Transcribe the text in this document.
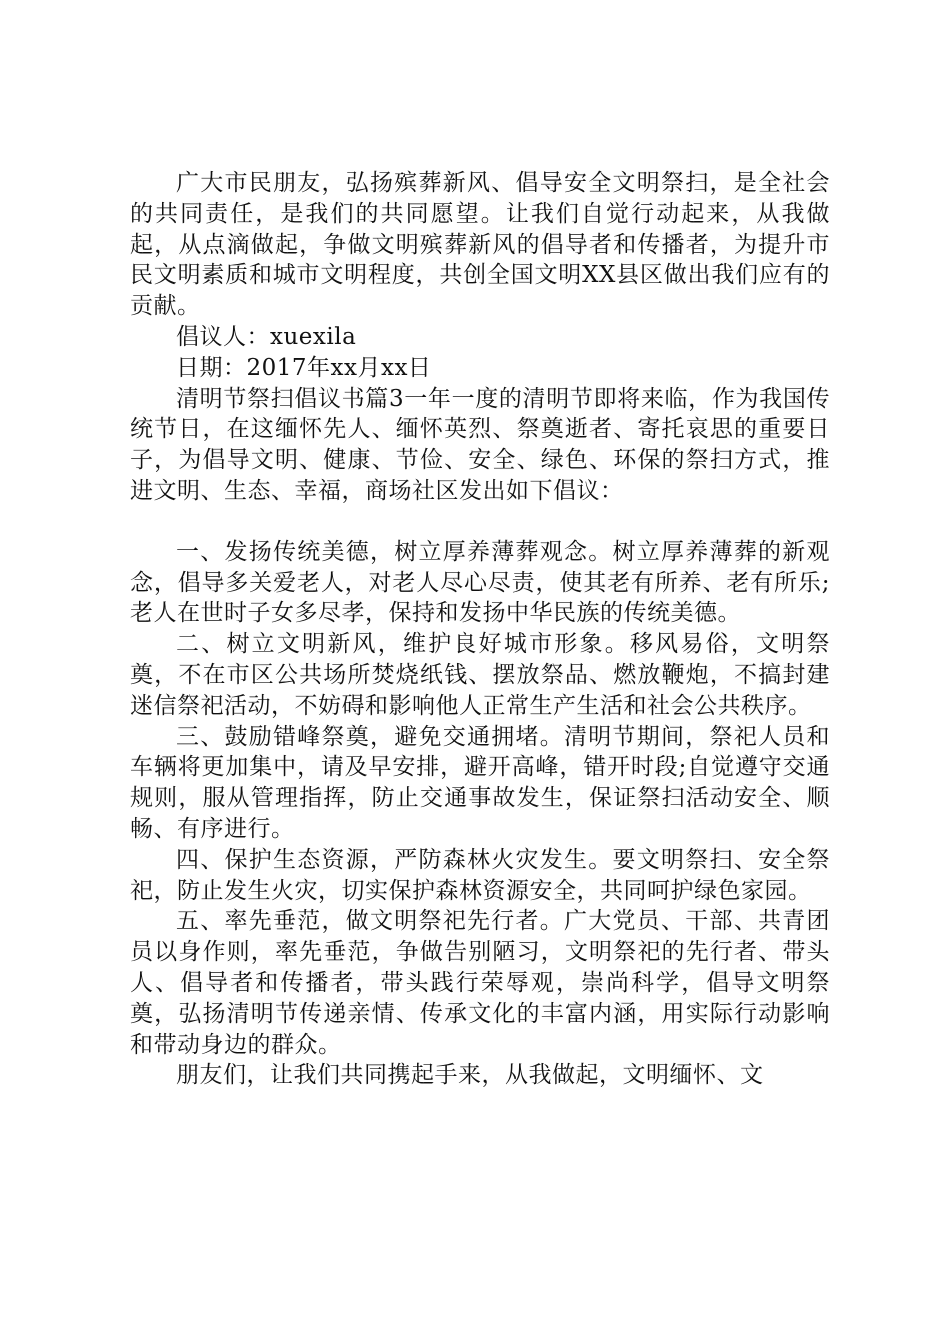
广大市民朋友，弘扬殡葬新风、倡导安全文明祭扫，是全社会的共同责任，是我们的共同愿望。让我们自觉行动起来，从我做起，从点滴做起，争做文明殡葬新风的倡导者和传播者，为提升市民文明素质和城市文明程度，共创全国文明XX县区做出我们应有的贡献。

倡议人：xuexila

日期：2017年xx月xx日

清明节祭扫倡议书篇3一年一度的清明节即将来临，作为我国传统节日，在这缅怀先人、缅怀英烈、祭奠逝者、寄托哀思的重要日子，为倡导文明、健康、节俭、安全、绿色、环保的祭扫方式，推进文明、生态、幸福，商场社区发出如下倡议：

一、发扬传统美德，树立厚养薄葬观念。树立厚养薄葬的新观念，倡导多关爱老人，对老人尽心尽责，使其老有所养、老有所乐;老人在世时子女多尽孝，保持和发扬中华民族的传统美德。

二、树立文明新风，维护良好城市形象。移风易俗，文明祭奠，不在市区公共场所焚烧纸钱、摆放祭品、燃放鞭炮，不搞封建迷信祭祀活动，不妨碍和影响他人正常生产生活和社会公共秩序。

三、鼓励错峰祭奠，避免交通拥堵。清明节期间，祭祀人员和车辆将更加集中，请及早安排，避开高峰，错开时段;自觉遵守交通规则，服从管理指挥，防止交通事故发生，保证祭扫活动安全、顺畅、有序进行。

四、保护生态资源，严防森林火灾发生。要文明祭扫、安全祭祀，防止发生火灾，切实保护森林资源安全，共同呵护绿色家园。

五、率先垂范，做文明祭祀先行者。广大党员、干部、共青团员以身作则，率先垂范，争做告别陋习，文明祭祀的先行者、带头人、倡导者和传播者，带头践行荣辱观，崇尚科学，倡导文明祭奠，弘扬清明节传递亲情、传承文化的丰富内涵，用实际行动影响和带动身边的群众。

朋友们，让我们共同携起手来，从我做起，文明缅怀、文
